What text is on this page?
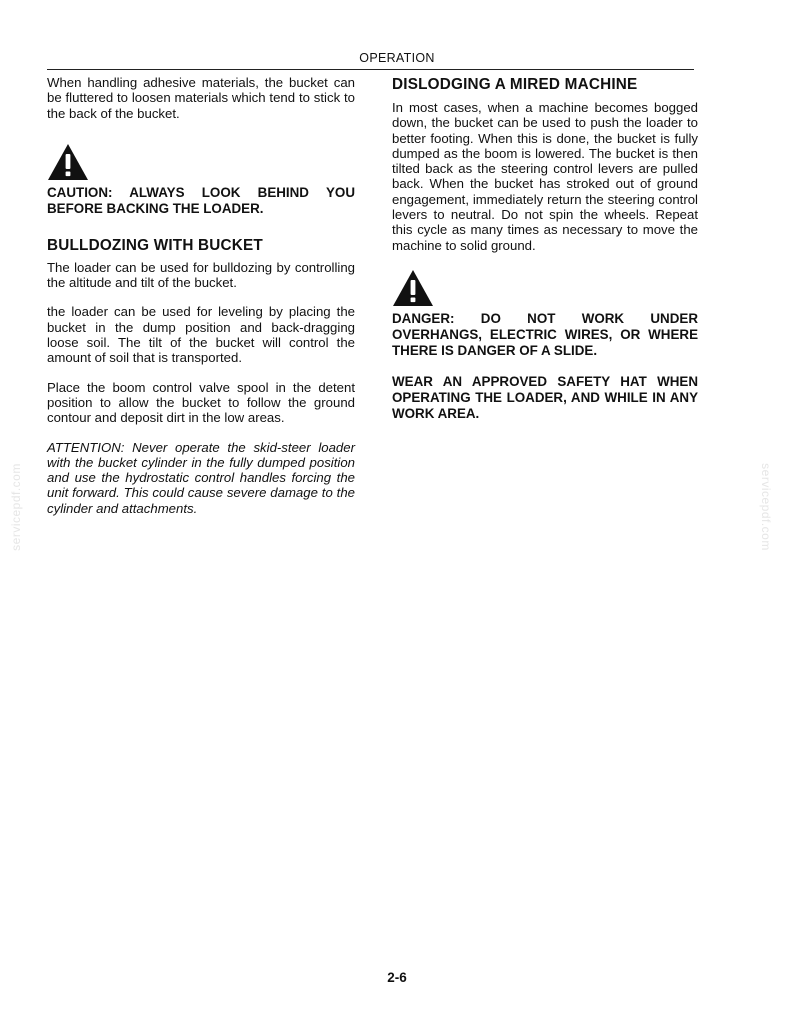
OPERATION

When handling adhesive materials, the bucket can be fluttered to loosen materials which tend to stick to the back of the bucket.

CAUTION: ALWAYS LOOK BEHIND YOU BEFORE BACKING THE LOADER.

BULLDOZING WITH BUCKET

The loader can be used for bulldozing by controlling the altitude and tilt of the bucket.

the loader can be used for leveling by placing the bucket in the dump position and back-dragging loose soil. The tilt of the bucket will control the amount of soil that is transported.

Place the boom control valve spool in the detent position to allow the bucket to follow the ground contour and deposit dirt in the low areas.

ATTENTION: Never operate the skid-steer loader with the bucket cylinder in the fully dumped position and use the hydrostatic control handles forcing the unit forward. This could cause severe damage to the cylinder and attachments.

DISLODGING A MIRED MACHINE

In most cases, when a machine becomes bogged down, the bucket can be used to push the loader to better footing. When this is done, the bucket is fully dumped as the boom is lowered. The bucket is then tilted back as the steering control levers are pulled back. When the bucket has stroked out of ground engagement, immediately return the steering control levers to neutral. Do not spin the wheels. Repeat this cycle as many times as necessary to move the machine to solid ground.

DANGER: DO NOT WORK UNDER OVERHANGS, ELECTRIC WIRES, OR WHERE THERE IS DANGER OF A SLIDE.

WEAR AN APPROVED SAFETY HAT WHEN OPERATING THE LOADER, AND WHILE IN ANY WORK AREA.

servicepdf.com	servicepdf.com
2-6
